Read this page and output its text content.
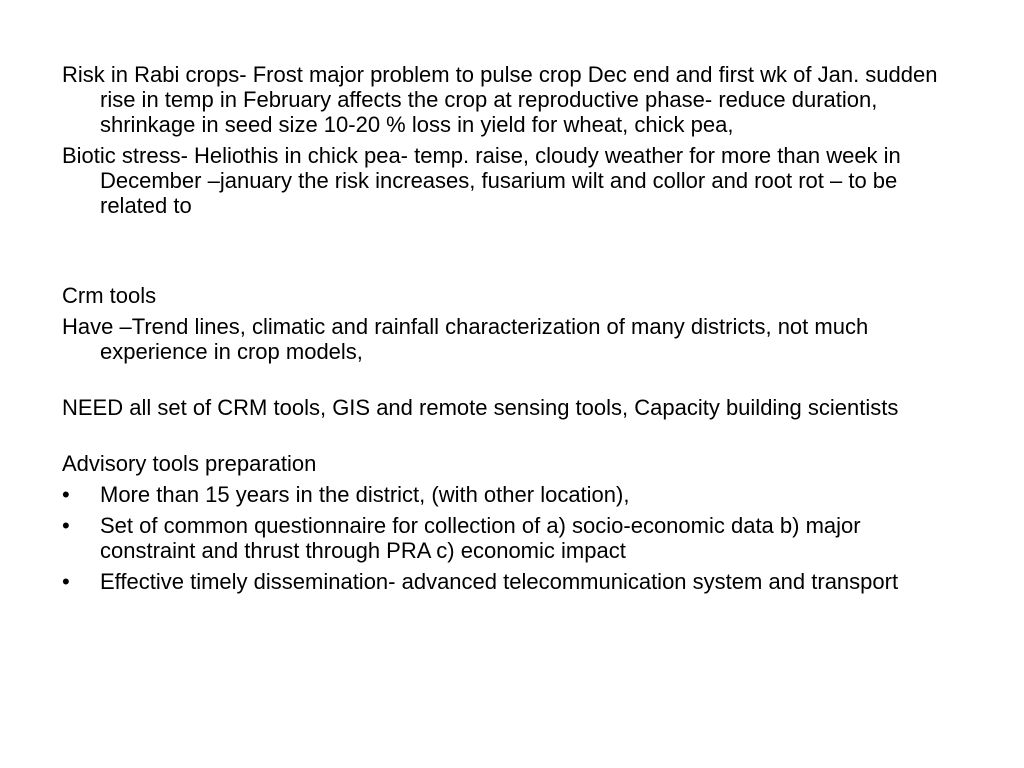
Risk in Rabi crops- Frost major problem to pulse crop Dec end and first wk of Jan. sudden rise in temp in February affects the crop at reproductive phase- reduce duration, shrinkage in seed size 10-20 % loss in yield for wheat, chick pea,

Biotic stress- Heliothis in chick pea- temp. raise, cloudy weather for more than week in December –january the risk increases, fusarium wilt and collor and root rot – to be related to

Crm tools

Have –Trend lines, climatic and rainfall characterization of many districts, not much experience in crop models,

NEED all set of CRM tools, GIS and remote sensing tools, Capacity building scientists

Advisory tools preparation

•	More than 15 years in the district, (with other location),
•	Set of common questionnaire for collection of a) socio-economic data b) major constraint and thrust through PRA c) economic impact
•	Effective timely dissemination- advanced telecommunication system and transport
